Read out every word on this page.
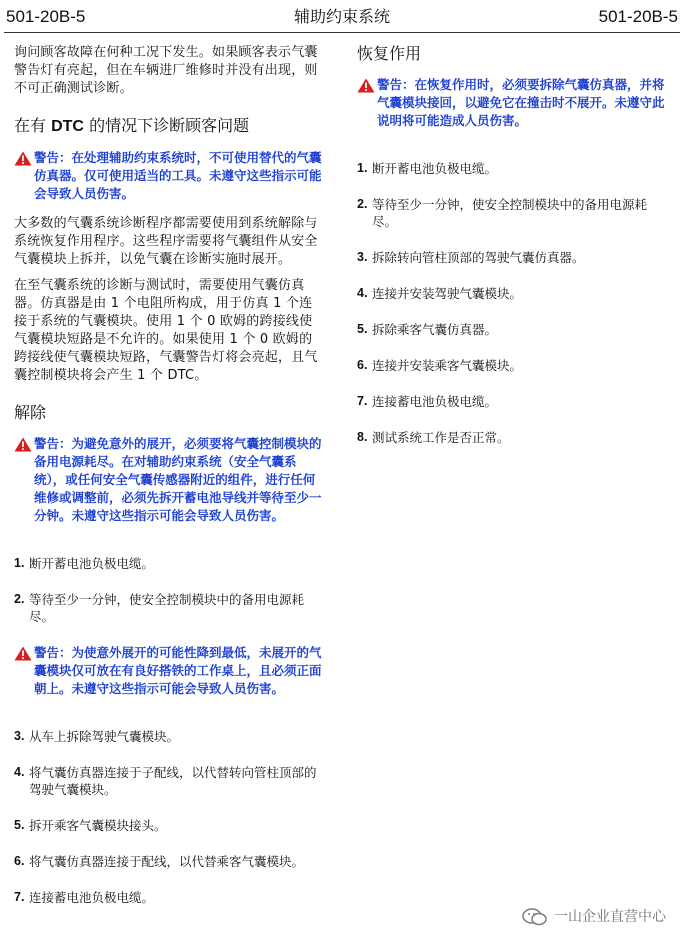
501-20B-5	辅助约束系统	501-20B-5

询问顾客故障在何种工况下发生。如果顾客表示气囊警告灯有亮起，但在车辆进厂维修时并没有出现，则不可正确测试诊断。

在有 DTC 的情况下诊断顾客问题
警告：在处理辅助约束系统时，不可使用替代的气囊仿真器。仅可使用适当的工具。未遵守这些指示可能会导致人员伤害。

大多数的气囊系统诊断程序都需要使用到系统解除与系统恢复作用程序。这些程序需要将气囊组件从安全气囊模块上拆并，以免气囊在诊断实施时展开。

在至气囊系统的诊断与测试时，需要使用气囊仿真器。仿真器是由 1 个电阻所构成，用于仿真 1 个连接于系统的气囊模块。使用 1 个 0 欧姆的跨接线使气囊模块短路是不允许的。如果使用 1 个 0 欧姆的跨接线使气囊模块短路，气囊警告灯将会亮起，且气囊控制模块将会产生 1 个 DTC。

解除
警告：为避免意外的展开，必须要将气囊控制模块的备用电源耗尽。在对辅助约束系统（安全气囊系统），或任何安全气囊传感器附近的组件，进行任何维修或调整前，必须先拆开蓄电池导线并等待至少一分钟。未遵守这些指示可能会导致人员伤害。
1. 断开蓄电池负极电缆。
2. 等待至少一分钟，使安全控制模块中的备用电源耗尽。
警告：为使意外展开的可能性降到最低，未展开的气囊模块仅可放在有良好搭铁的工作桌上，且必须正面朝上。未遵守这些指示可能会导致人员伤害。
3. 从车上拆除驾驶气囊模块。
4. 将气囊仿真器连接于子配线，以代替转向管柱顶部的驾驶气囊模块。
5. 拆开乘客气囊模块接头。
6. 将气囊仿真器连接于配线，以代替乘客气囊模块。
7. 连接蓄电池负极电缆。
恢复作用
警告：在恢复作用时，必须要拆除气囊仿真器，并将气囊模块接回，以避免它在撞击时不展开。未遵守此说明将可能造成人员伤害。
1. 断开蓄电池负极电缆。
2. 等待至少一分钟，使安全控制模块中的备用电源耗尽。
3. 拆除转向管柱顶部的驾驶气囊仿真器。
4. 连接并安装驾驶气囊模块。
5. 拆除乘客气囊仿真器。
6. 连接并安装乘客气囊模块。
7. 连接蓄电池负极电缆。
8. 测试系统工作是否正常。
一山企业直营中心
